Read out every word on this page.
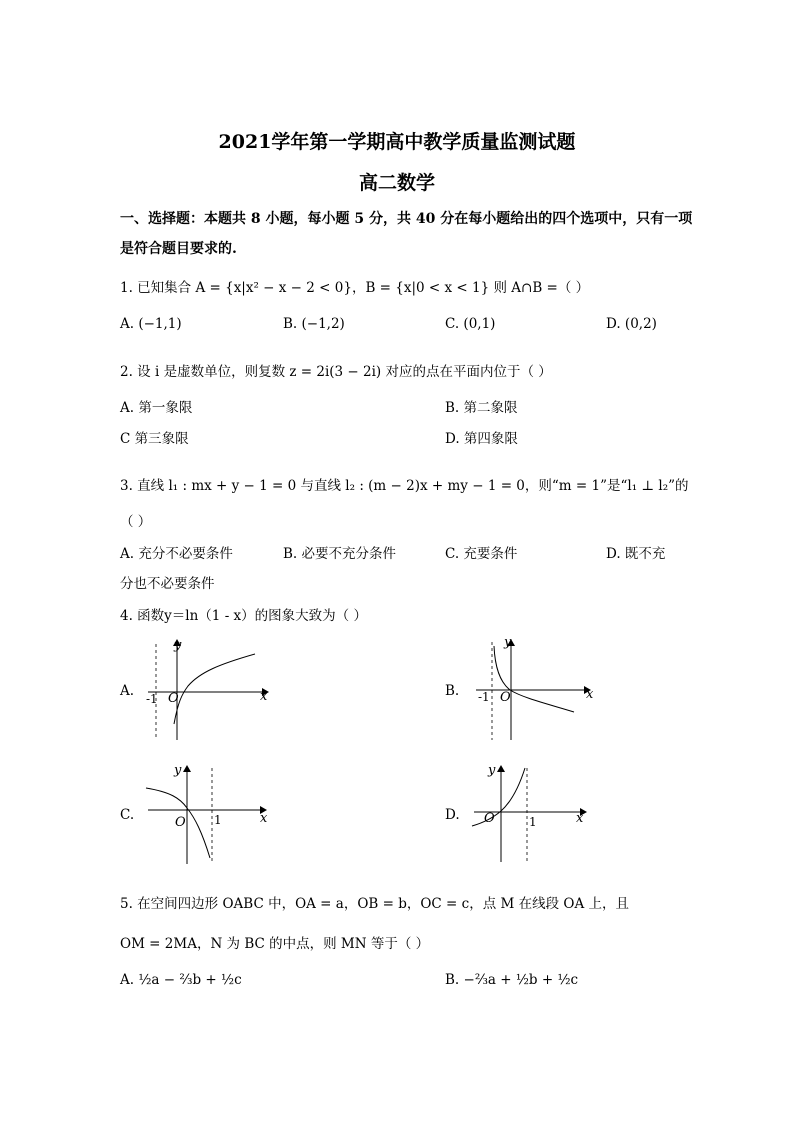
2021学年第一学期高中教学质量监测试题
高二数学
一、选择题：本题共 8 小题，每小题 5 分，共 40 分在每小题给出的四个选项中，只有一项
是符合题目要求的.
1. 已知集合 A = {x|x² − x − 2 < 0}，B = {x|0 < x < 1} 则 A∩B =（ ）
A. (−1,1)	B. (−1,2)	C. (0,1)	D. (0,2)
2. 设 i 是虚数单位，则复数 z = 2i(3 − 2i) 对应的点在平面内位于（ ）
A. 第一象限	B. 第二象限
C 第三象限	D. 第四象限
3. 直线 l₁ : mx + y − 1 = 0 与直线 l₂ : (m − 2)x + my − 1 = 0，则“m = 1”是“l₁ ⊥ l₂”的
（ ）
A. 充分不必要条件	B. 必要不充分条件	C. 充要条件	D. 既不充
分也不必要条件
4. 函数y＝ln（1 - x）的图象大致为（ ）
A.	B.
C.	D.
y
x
O
-1
y
x
O
-1
y
x
O 1
y
x
O	1
5. 在空间四边形 OABC 中，OA = a，OB = b，OC = c，点 M 在线段 OA 上，且
OM = 2MA，N 为 BC 的中点，则 MN 等于（ ）
A. ½a − ⅔b + ½c	B. −⅔a + ½b + ½c
